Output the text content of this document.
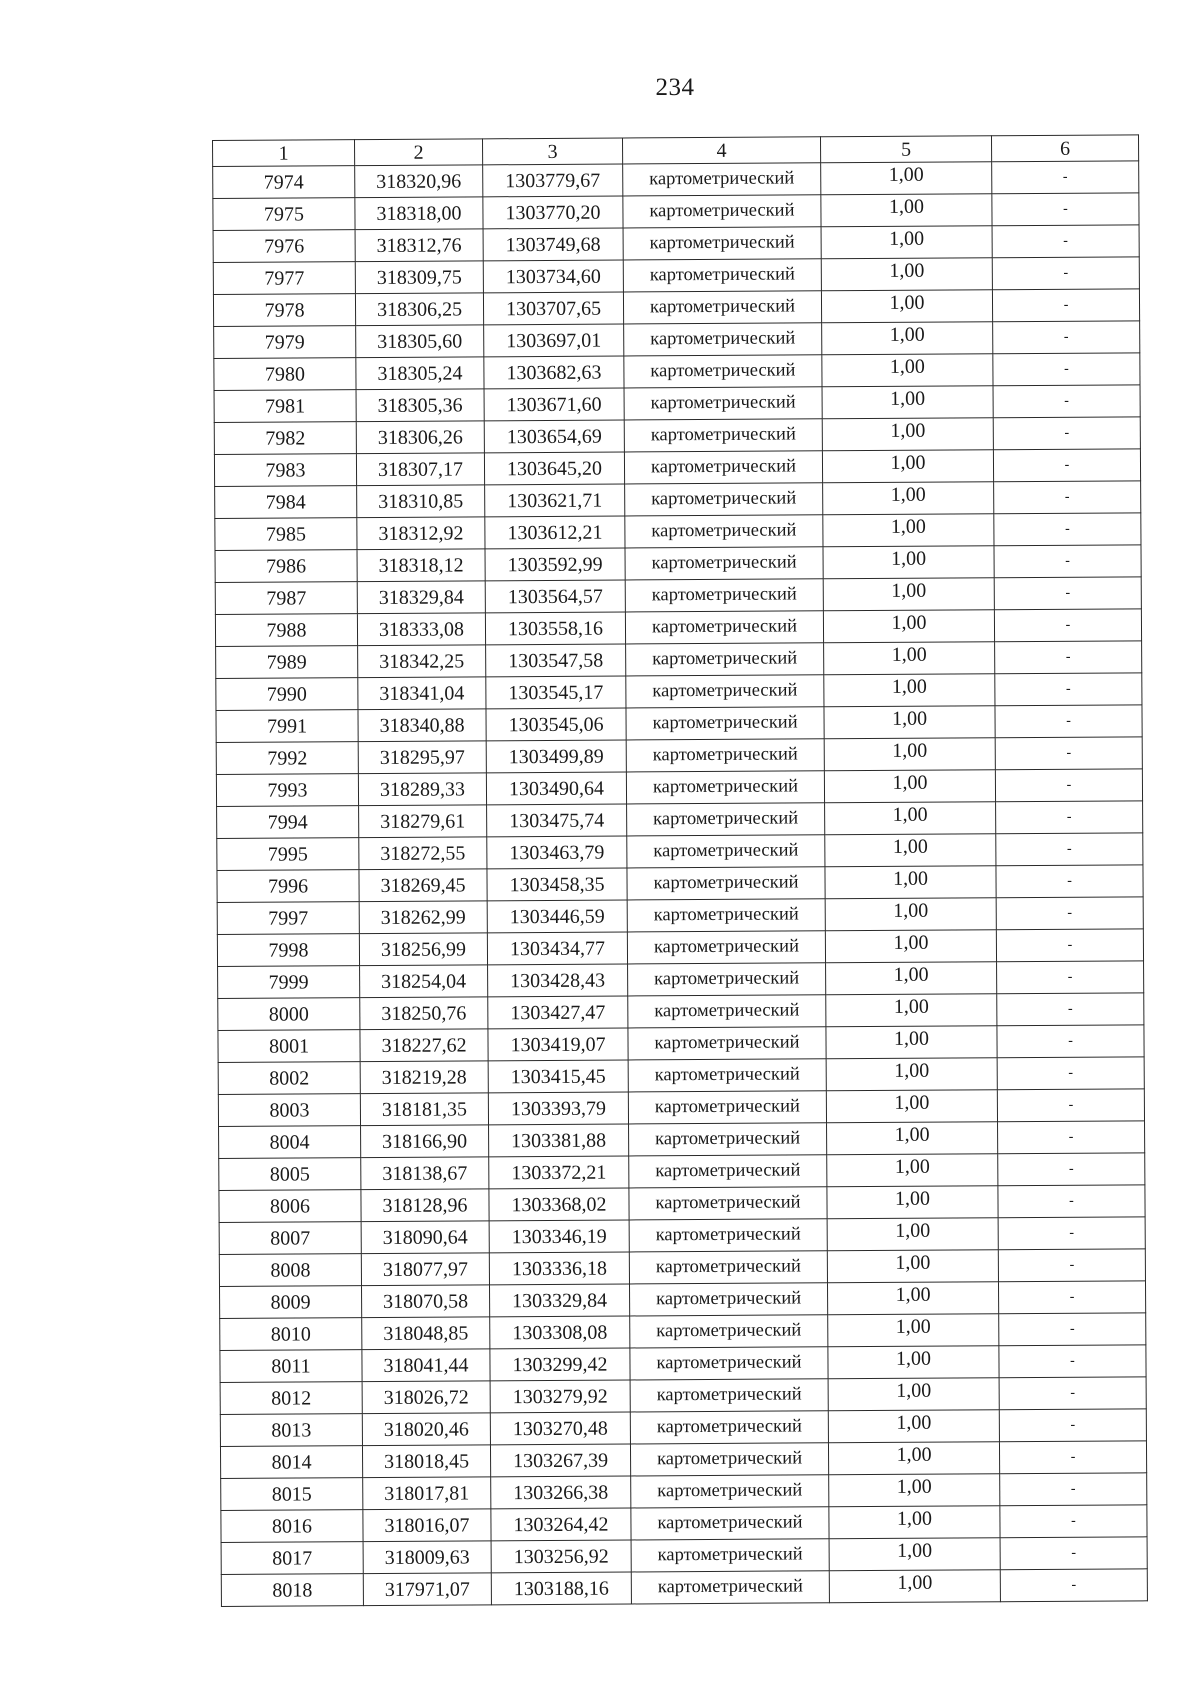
234
1	2	3	4	5	6
7974	318320,96	1303779,67	картометрический	1,00	-
7975	318318,00	1303770,20	картометрический	1,00	-
7976	318312,76	1303749,68	картометрический	1,00	-
7977	318309,75	1303734,60	картометрический	1,00	-
7978	318306,25	1303707,65	картометрический	1,00	-
7979	318305,60	1303697,01	картометрический	1,00	-
7980	318305,24	1303682,63	картометрический	1,00	-
7981	318305,36	1303671,60	картометрический	1,00	-
7982	318306,26	1303654,69	картометрический	1,00	-
7983	318307,17	1303645,20	картометрический	1,00	-
7984	318310,85	1303621,71	картометрический	1,00	-
7985	318312,92	1303612,21	картометрический	1,00	-
7986	318318,12	1303592,99	картометрический	1,00	-
7987	318329,84	1303564,57	картометрический	1,00	-
7988	318333,08	1303558,16	картометрический	1,00	-
7989	318342,25	1303547,58	картометрический	1,00	-
7990	318341,04	1303545,17	картометрический	1,00	-
7991	318340,88	1303545,06	картометрический	1,00	-
7992	318295,97	1303499,89	картометрический	1,00	-
7993	318289,33	1303490,64	картометрический	1,00	-
7994	318279,61	1303475,74	картометрический	1,00	-
7995	318272,55	1303463,79	картометрический	1,00	-
7996	318269,45	1303458,35	картометрический	1,00	-
7997	318262,99	1303446,59	картометрический	1,00	-
7998	318256,99	1303434,77	картометрический	1,00	-
7999	318254,04	1303428,43	картометрический	1,00	-
8000	318250,76	1303427,47	картометрический	1,00	-
8001	318227,62	1303419,07	картометрический	1,00	-
8002	318219,28	1303415,45	картометрический	1,00	-
8003	318181,35	1303393,79	картометрический	1,00	-
8004	318166,90	1303381,88	картометрический	1,00	-
8005	318138,67	1303372,21	картометрический	1,00	-
8006	318128,96	1303368,02	картометрический	1,00	-
8007	318090,64	1303346,19	картометрический	1,00	-
8008	318077,97	1303336,18	картометрический	1,00	-
8009	318070,58	1303329,84	картометрический	1,00	-
8010	318048,85	1303308,08	картометрический	1,00	-
8011	318041,44	1303299,42	картометрический	1,00	-
8012	318026,72	1303279,92	картометрический	1,00	-
8013	318020,46	1303270,48	картометрический	1,00	-
8014	318018,45	1303267,39	картометрический	1,00	-
8015	318017,81	1303266,38	картометрический	1,00	-
8016	318016,07	1303264,42	картометрический	1,00	-
8017	318009,63	1303256,92	картометрический	1,00	-
8018	317971,07	1303188,16	картометрический	1,00	-
